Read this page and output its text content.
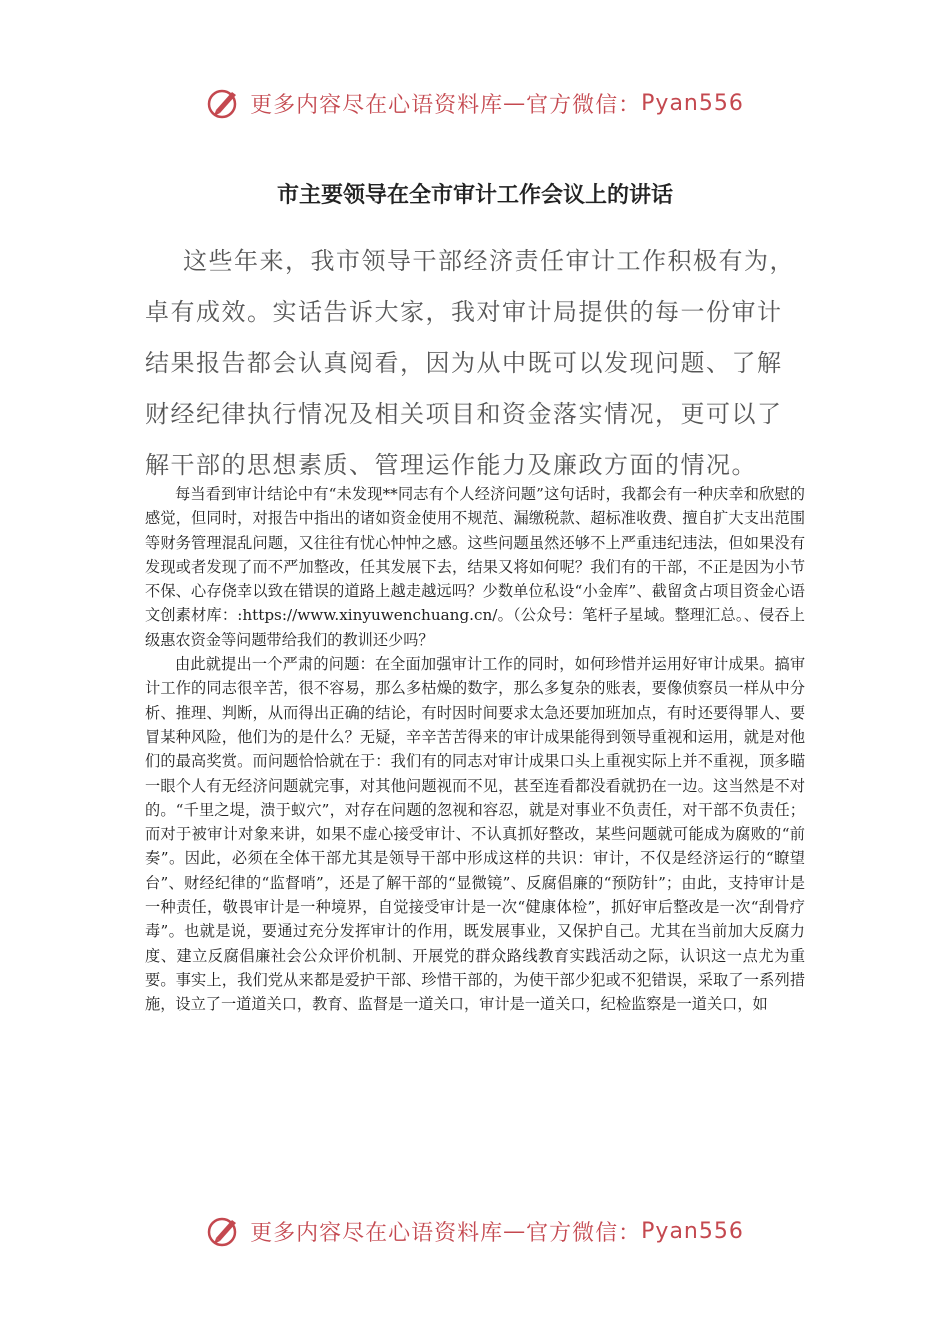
更多内容尽在心语资料库 — 官方微信： Pyan556
市主要领导在全市审计工作会议上的讲话
这些年来，我市领导干部经济责任审计工作积极有为，卓有成效。实话告诉大家，我对审计局提供的每一份审计结果报告都会认真阅看，因为从中既可以发现问题、了解财经纪律执行情况及相关项目和资金落实情况，更可以了解干部的思想素质、管理运作能力及廉政方面的情况。

每当看到审计结论中有“未发现**同志有个人经济问题”这句话时，我都会有一种庆幸和欣慰的感觉，但同时，对报告中指出的诸如资金使用不规范、漏缴税款、超标准收费、擅自扩大支出范围等财务管理混乱问题，又往往有忧心忡忡之感。这些问题虽然还够不上严重违纪违法，但如果没有发现或者发现了而不严加整改，任其发展下去，结果又将如何呢？我们有的干部，不正是因为小节不保、心存侥幸以致在错误的道路上越走越远吗？少数单位私设“小金库”、截留贪占项目资金心语文创素材库：:https://www.xinyuwenchuang.cn/。（公众号：笔杆子星域。整理汇总。、侵吞上级惠农资金等问题带给我们的教训还少吗？

由此就提出一个严肃的问题：在全面加强审计工作的同时，如何珍惜并运用好审计成果。搞审计工作的同志很辛苦，很不容易，那么多枯燥的数字，那么多复杂的账表，要像侦察员一样从中分析、推理、判断，从而得出正确的结论，有时因时间要求太急还要加班加点，有时还要得罪人、要冒某种风险，他们为的是什么？无疑，辛辛苦苦得来的审计成果能得到领导重视和运用，就是对他们的最高奖赏。而问题恰恰就在于：我们有的同志对审计成果口头上重视实际上并不重视，顶多瞄一眼个人有无经济问题就完事，对其他问题视而不见，甚至连看都没看就扔在一边。这当然是不对的。“千里之堤，溃于蚁穴”，对存在问题的忽视和容忍，就是对事业不负责任，对干部不负责任；而对于被审计对象来讲，如果不虚心接受审计、不认真抓好整改，某些问题就可能成为腐败的“前奏”。因此，必须在全体干部尤其是领导干部中形成这样的共识：审计，不仅是经济运行的“瞭望台”、财经纪律的“监督哨”，还是了解干部的“显微镜”、反腐倡廉的“预防针”；由此，支持审计是一种责任，敬畏审计是一种境界，自觉接受审计是一次“健康体检”，抓好审后整改是一次“刮骨疗毒”。也就是说，要通过充分发挥审计的作用，既发展事业，又保护自己。尤其在当前加大反腐力度、建立反腐倡廉社会公众评价机制、开展党的群众路线教育实践活动之际，认识这一点尤为重要。事实上，我们党从来都是爱护干部、珍惜干部的，为使干部少犯或不犯错误，采取了一系列措施，设立了一道道关口，教育、监督是一道关口，审计是一道关口，纪检监察是一道关口，如

更多内容尽在心语资料库 — 官方微信： Pyan556
